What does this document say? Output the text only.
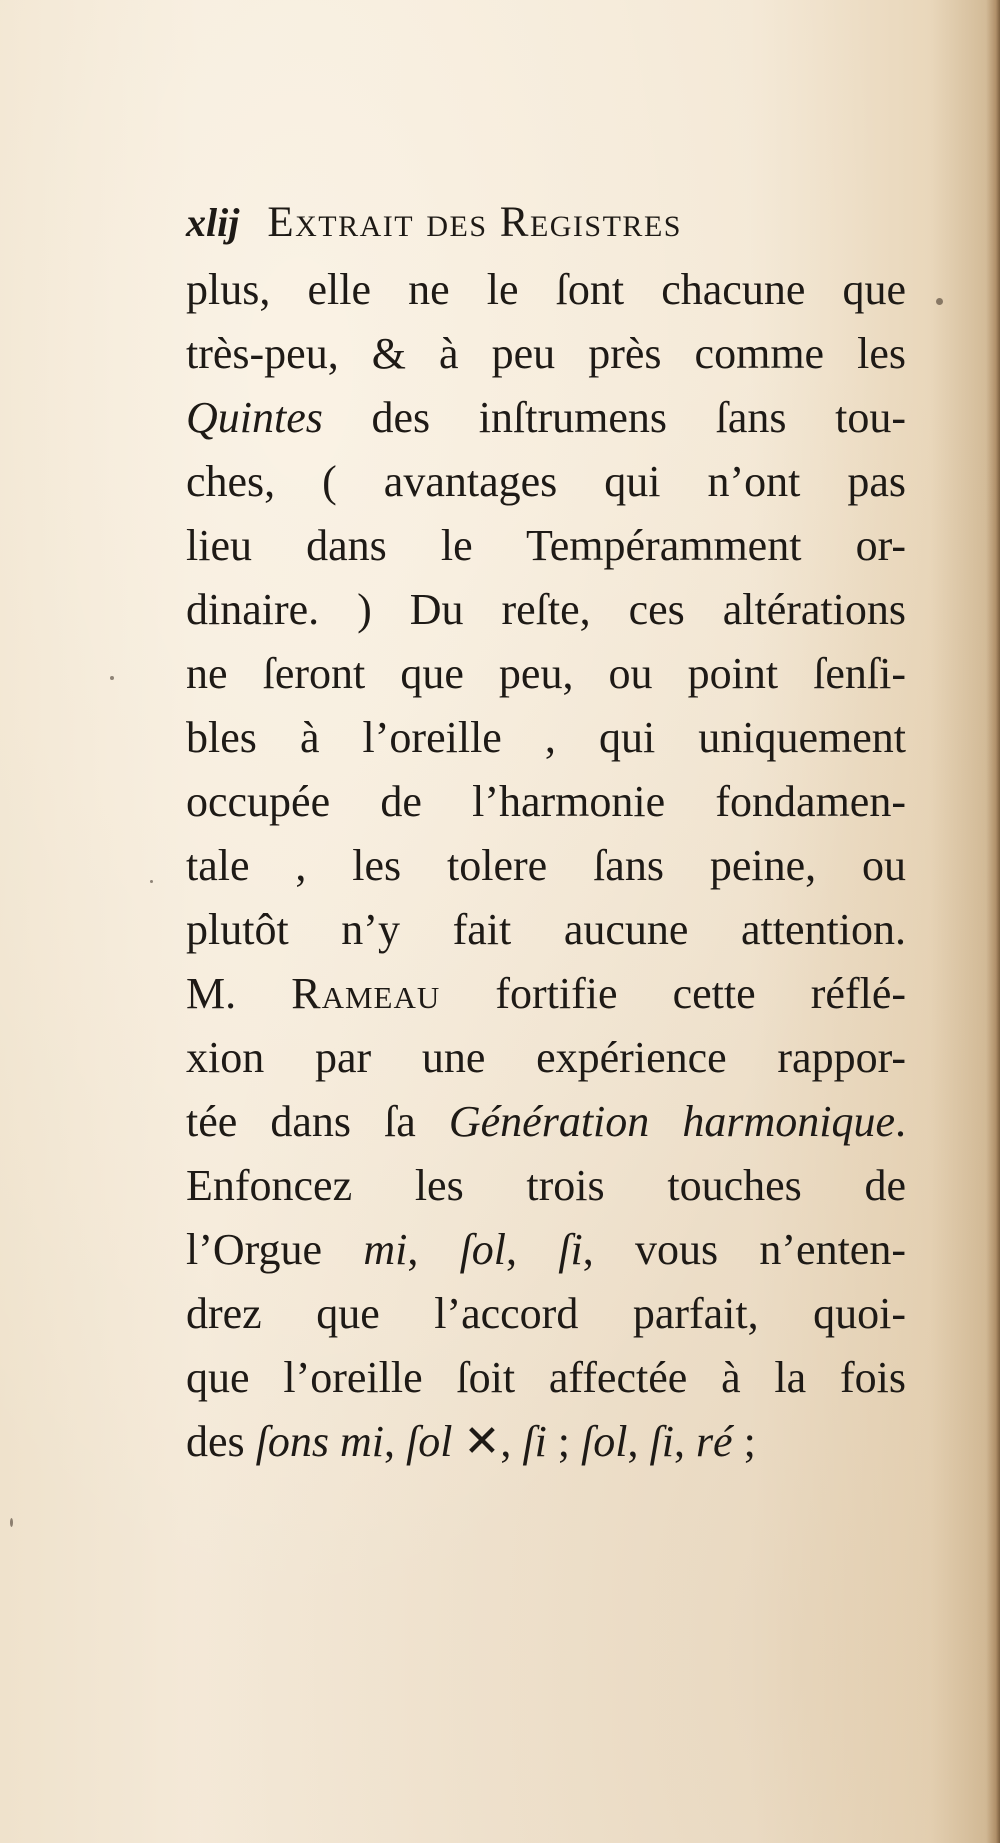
xlij Extrait des Registres
plus, elle ne le ſont chacune que
très-peu, & à peu près comme les
Quintes des inſtrumens ſans tou-
ches, ( avantages qui n’ont pas
lieu dans le Tempéramment or-
dinaire. ) Du reſte, ces altérations
ne ſeront que peu, ou point ſenſi-
bles à l’oreille , qui uniquement
occupée de l’harmonie fondamen-
tale , les tolere ſans peine, ou
plutôt n’y fait aucune attention.
M. Rameau fortifie cette réflé-
xion par une expérience rappor-
tée dans ſa Génération harmonique.
Enfoncez les trois touches de
l’Orgue mi, ſol, ſi, vous n’enten-
drez que l’accord parfait, quoi-
que l’oreille ſoit affectée à la fois
des ſons mi, ſol ✕, ſi ; ſol, ſi, ré ;
